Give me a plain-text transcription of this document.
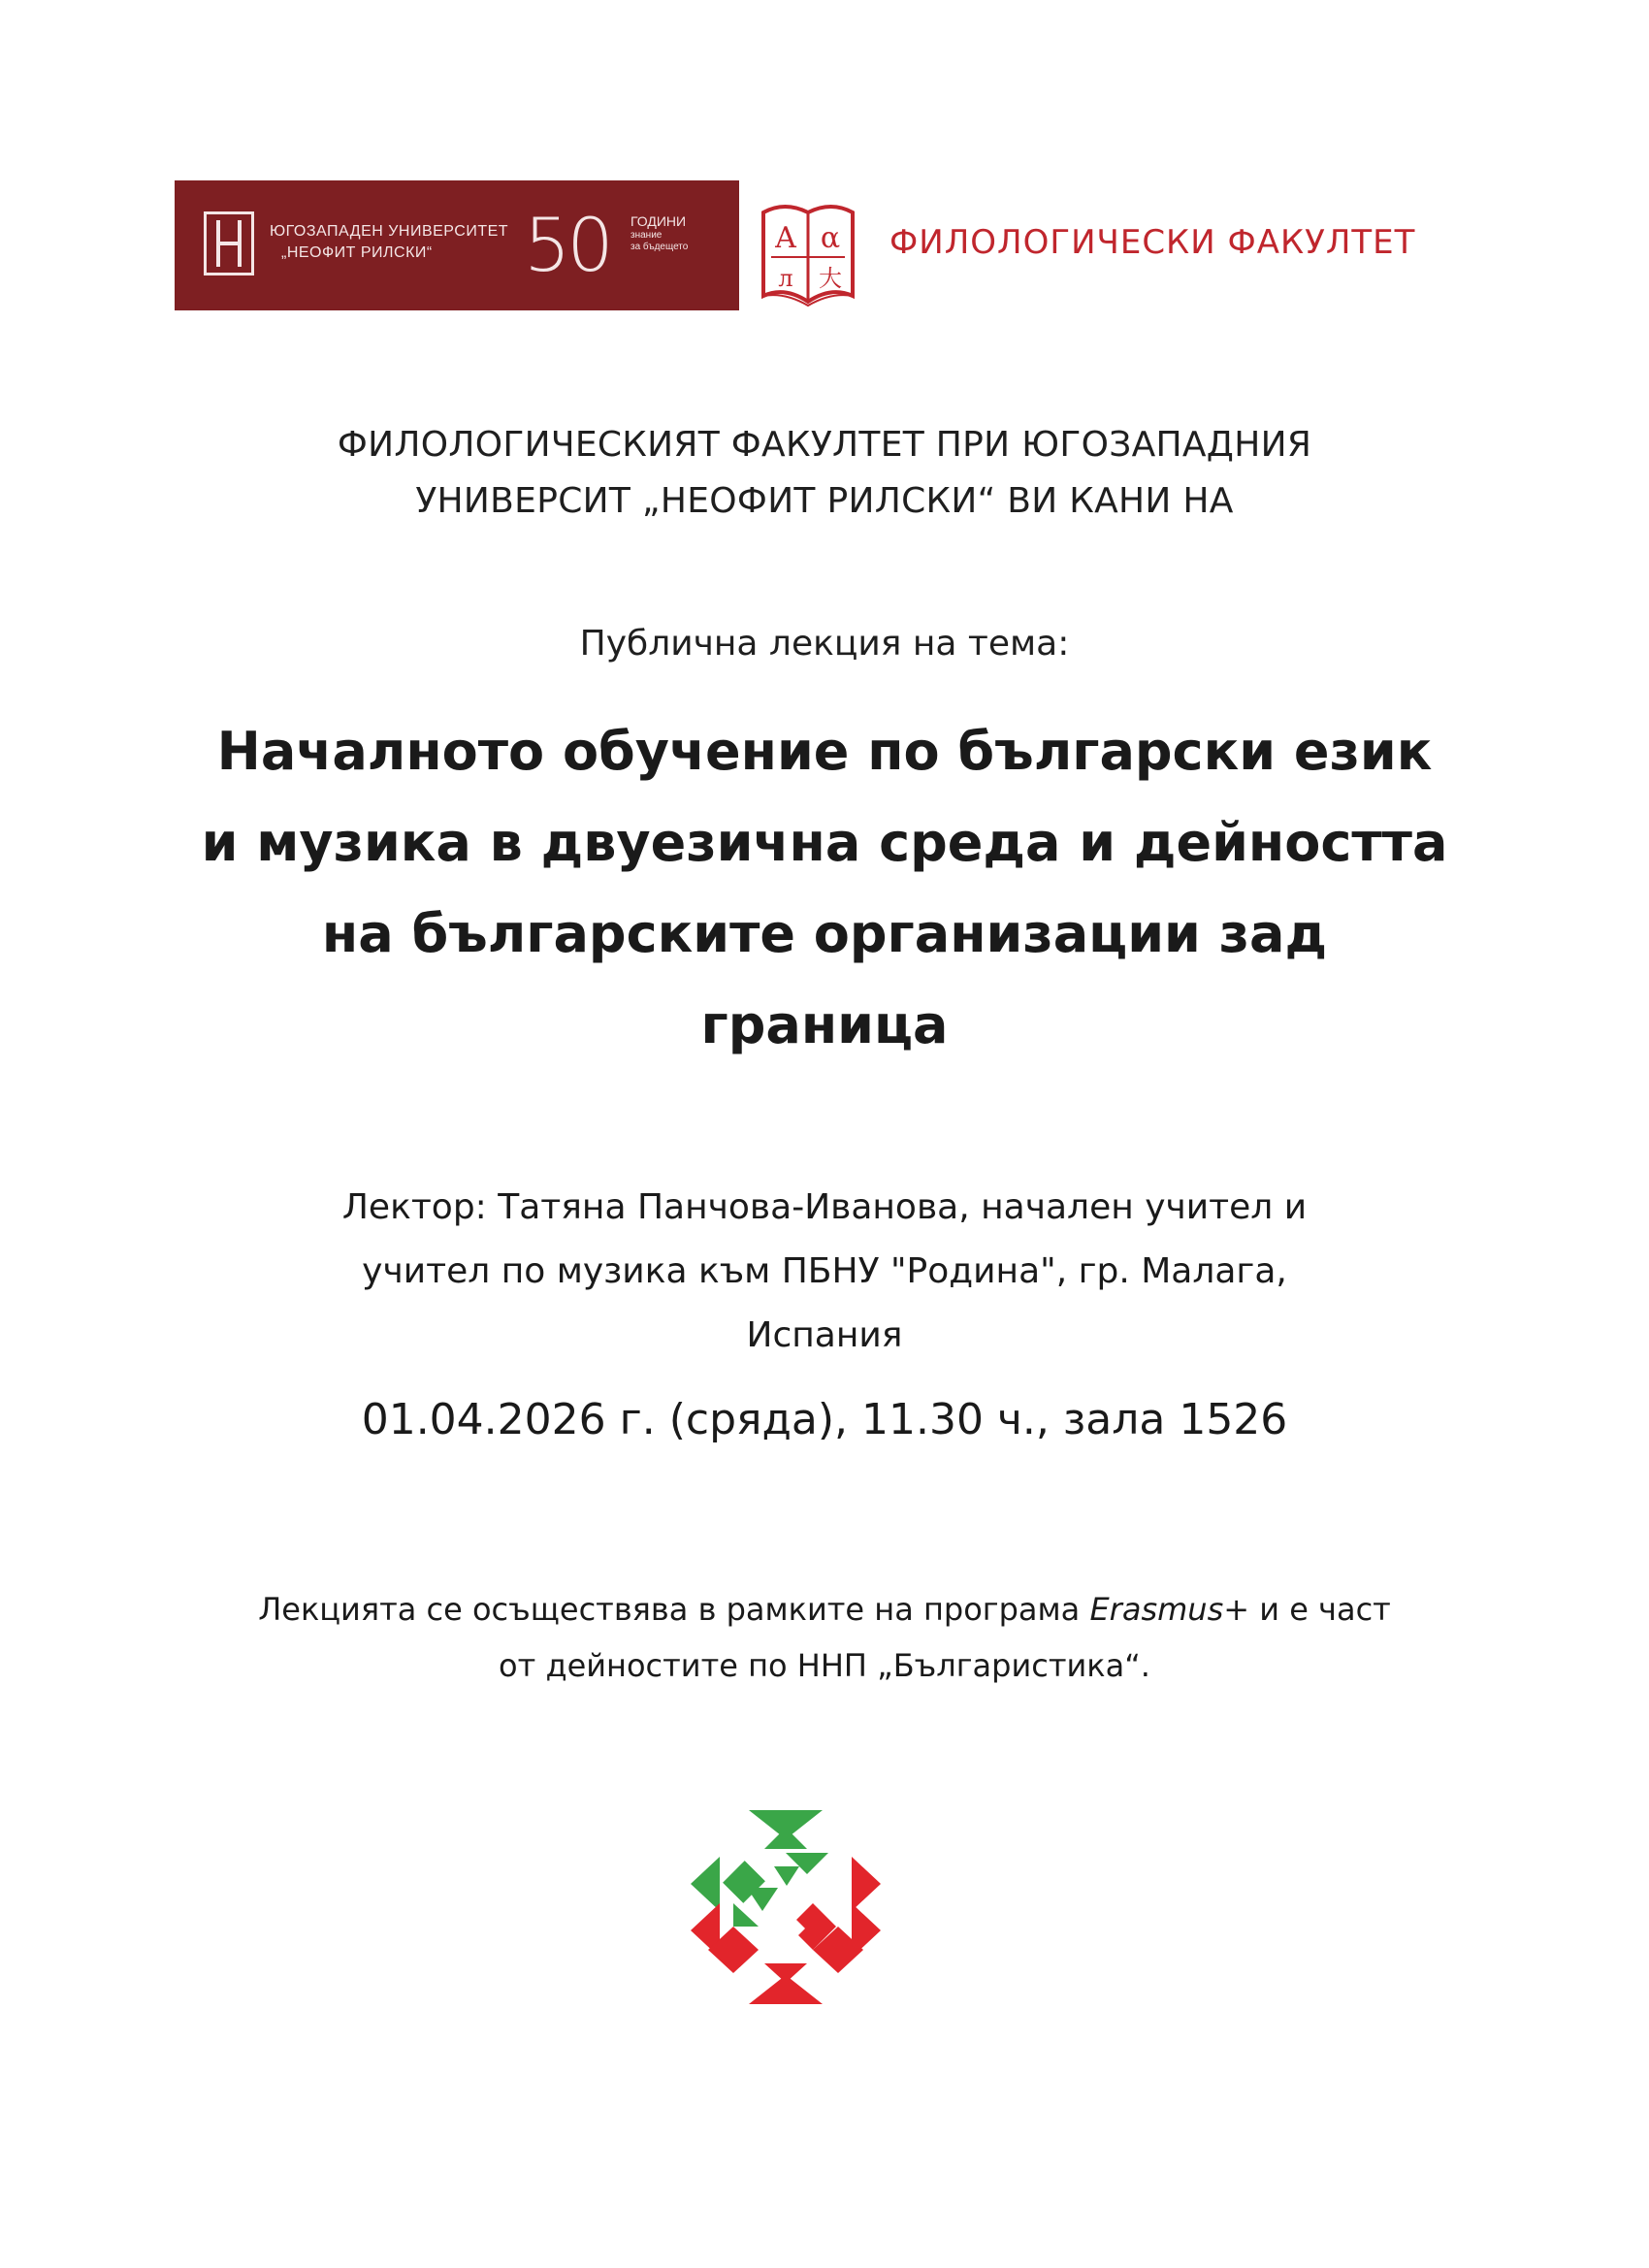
ЮГОЗАПАДЕН УНИВЕРСИТЕТ
„НЕОФИТ РИЛСКИ“ 50 ГОДИНИ
знание
за бъдещето	А α
л 大
ФИЛОЛОГИЧЕСКИ ФАКУЛТЕТ
ФИЛОЛОГИЧЕСКИЯТ ФАКУЛТЕТ ПРИ ЮГОЗАПАДНИЯ
УНИВЕРСИТ „НЕОФИТ РИЛСКИ“ ВИ КАНИ НА
Публична лекция на тема:
Началното обучение по български език
и музика в двуезична среда и дейността
на българските организации зад
граница
Лектор: Татяна Панчова-Иванова, начален учител и
учител по музика към ПБНУ "Родина", гр. Малага,
Испания
01.04.2026 г. (сряда), 11.30 ч., зала 1526
Лекцията се осъществява в рамките на програма Erasmus+ и е част
от дейностите по ННП „Българистика“.
